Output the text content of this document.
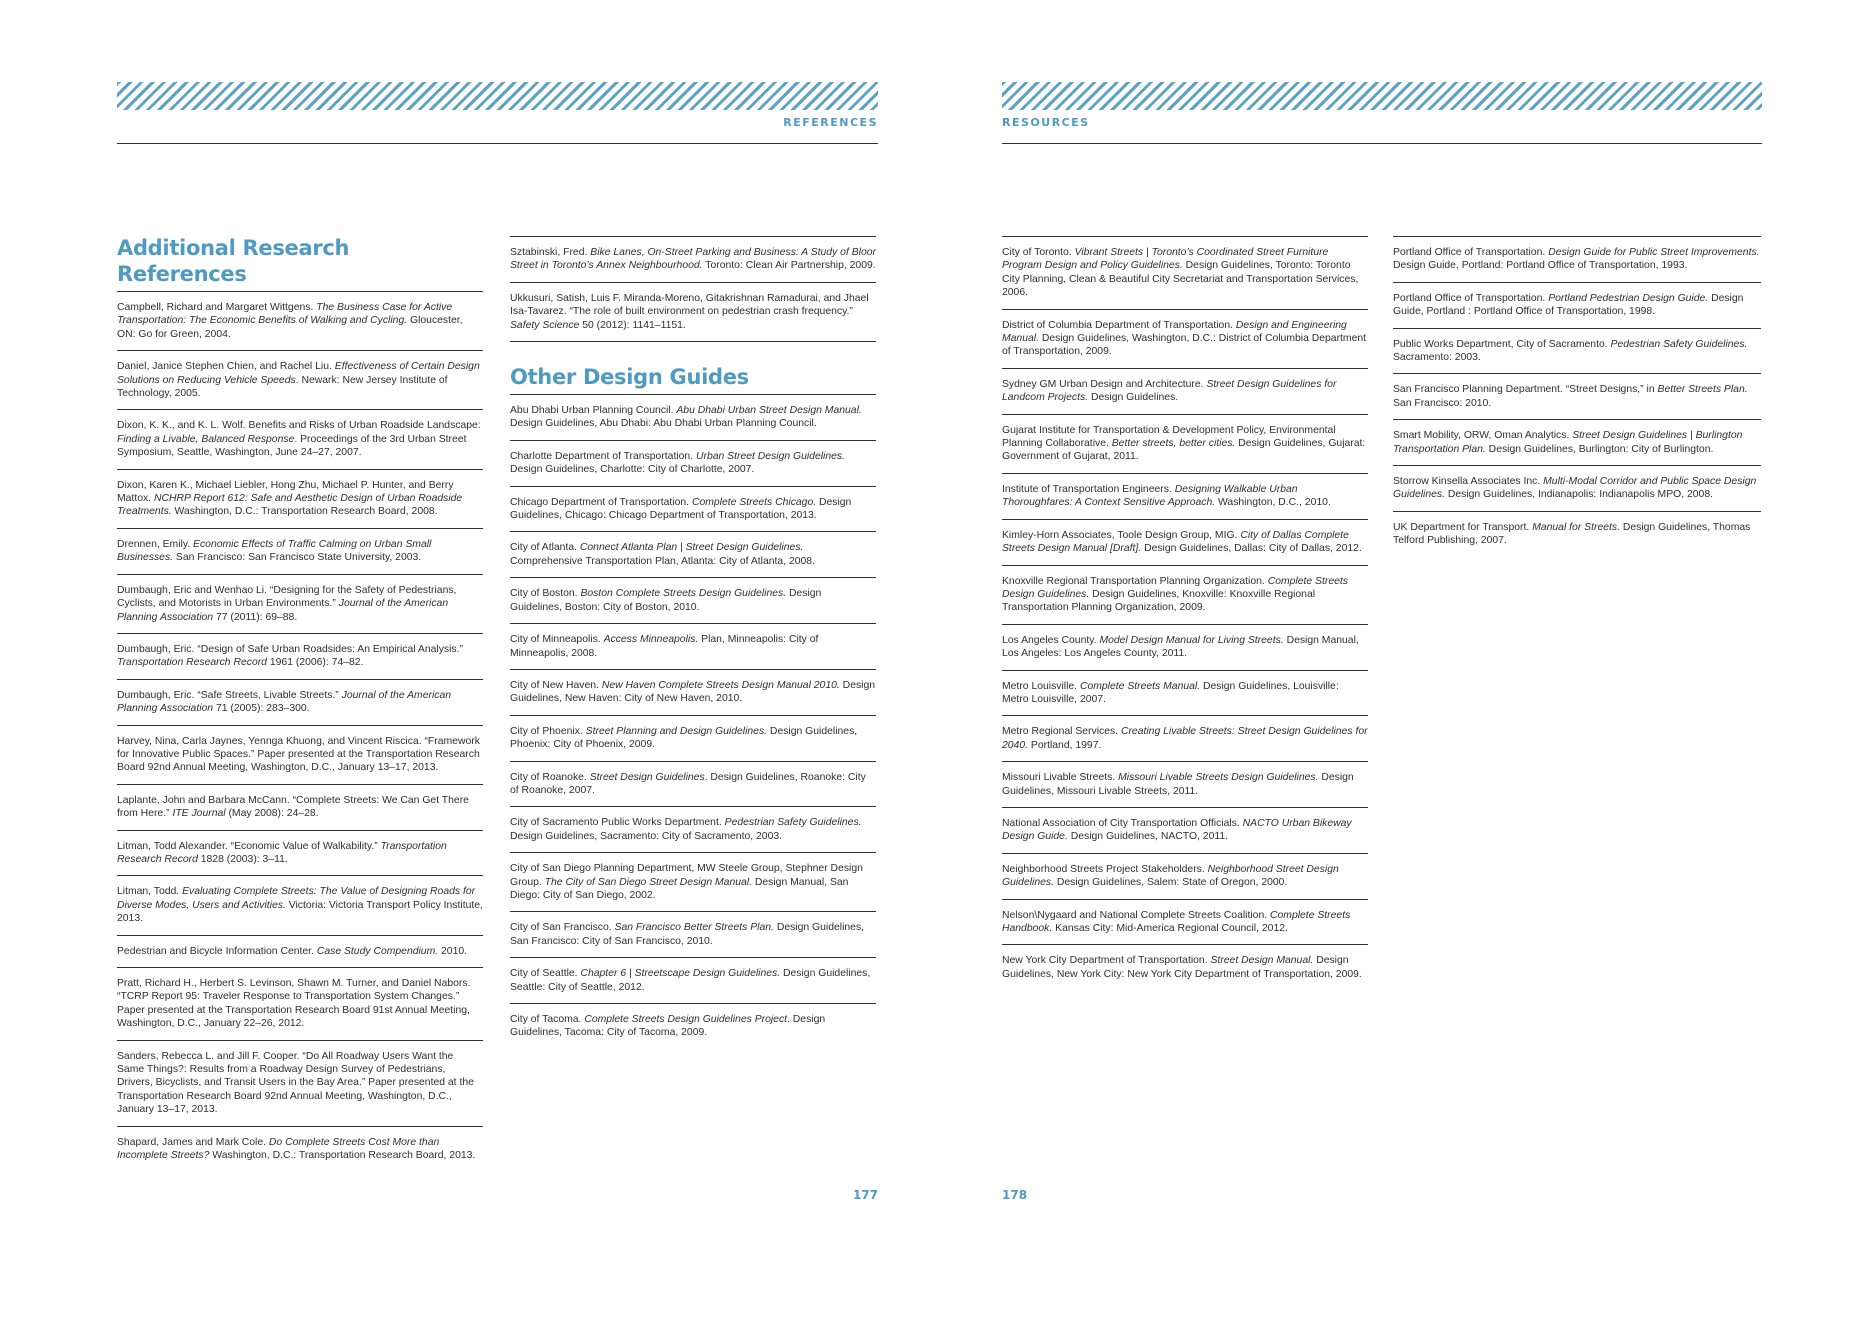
REFERENCES
Additional Research References
Campbell, Richard and Margaret Wittgens. The Business Case for Active Transportation: The Economic Benefits of Walking and Cycling. Gloucester, ON: Go for Green, 2004.
Daniel, Janice Stephen Chien, and Rachel Liu. Effectiveness of Certain Design Solutions on Reducing Vehicle Speeds. Newark: New Jersey Institute of Technology, 2005.
Dixon, K. K., and K. L. Wolf. Benefits and Risks of Urban Roadside Landscape: Finding a Livable, Balanced Response. Proceedings of the 3rd Urban Street Symposium, Seattle, Washington, June 24–27, 2007.
Dixon, Karen K., Michael Liebler, Hong Zhu, Michael P. Hunter, and Berry Mattox. NCHRP Report 612: Safe and Aesthetic Design of Urban Roadside Treatments. Washington, D.C.: Transportation Research Board, 2008.
Drennen, Emily. Economic Effects of Traffic Calming on Urban Small Businesses. San Francisco: San Francisco State University, 2003.
Dumbaugh, Eric and Wenhao Li. “Designing for the Safety of Pedestrians, Cyclists, and Motorists in Urban Environments.” Journal of the American Planning Association 77 (2011): 69–88.
Dumbaugh, Eric. “Design of Safe Urban Roadsides: An Empirical Analysis.” Transportation Research Record 1961 (2006): 74–82.
Dumbaugh, Eric. “Safe Streets, Livable Streets.” Journal of the American Planning Association 71 (2005): 283–300.
Harvey, Nina, Carla Jaynes, Yennga Khuong, and Vincent Riscica. “Framework for Innovative Public Spaces.” Paper presented at the Transportation Research Board 92nd Annual Meeting, Washington, D.C., January 13–17, 2013.
Laplante, John and Barbara McCann. “Complete Streets: We Can Get There from Here.” ITE Journal (May 2008): 24–28.
Litman, Todd Alexander. “Economic Value of Walkability.” Transportation Research Record 1828 (2003): 3–11.
Litman, Todd. Evaluating Complete Streets: The Value of Designing Roads for Diverse Modes, Users and Activities. Victoria: Victoria Transport Policy Institute, 2013.
Pedestrian and Bicycle Information Center. Case Study Compendium. 2010.
Pratt, Richard H., Herbert S. Levinson, Shawn M. Turner, and Daniel Nabors. “TCRP Report 95: Traveler Response to Transportation System Changes.” Paper presented at the Transportation Research Board 91st Annual Meeting, Washington, D.C., January 22–26, 2012.
Sanders, Rebecca L. and Jill F. Cooper. “Do All Roadway Users Want the Same Things?: Results from a Roadway Design Survey of Pedestrians, Drivers, Bicyclists, and Transit Users in the Bay Area.” Paper presented at the Transportation Research Board 92nd Annual Meeting, Washington, D.C., January 13–17, 2013.
Shapard, James and Mark Cole. Do Complete Streets Cost More than Incomplete Streets? Washington, D.C.: Transportation Research Board, 2013.
Sztabinski, Fred. Bike Lanes, On-Street Parking and Business: A Study of Bloor Street in Toronto’s Annex Neighbourhood. Toronto: Clean Air Partnership, 2009.
Ukkusuri, Satish, Luis F. Miranda-Moreno, Gitakrishnan Ramadurai, and Jhael Isa-Tavarez. “The role of built environment on pedestrian crash frequency.” Safety Science 50 (2012): 1141–1151.
Other Design Guides
Abu Dhabi Urban Planning Council. Abu Dhabi Urban Street Design Manual. Design Guidelines, Abu Dhabi: Abu Dhabi Urban Planning Council.
Charlotte Department of Transportation. Urban Street Design Guidelines. Design Guidelines, Charlotte: City of Charlotte, 2007.
Chicago Department of Transportation. Complete Streets Chicago. Design Guidelines, Chicago: Chicago Department of Transportation, 2013.
City of Atlanta. Connect Atlanta Plan | Street Design Guidelines. Comprehensive Transportation Plan, Atlanta: City of Atlanta, 2008.
City of Boston. Boston Complete Streets Design Guidelines. Design Guidelines, Boston: City of Boston, 2010.
City of Minneapolis. Access Minneapolis. Plan, Minneapolis: City of Minneapolis, 2008.
City of New Haven. New Haven Complete Streets Design Manual 2010. Design Guidelines, New Haven: City of New Haven, 2010.
City of Phoenix. Street Planning and Design Guidelines. Design Guidelines, Phoenix: City of Phoenix, 2009.
City of Roanoke. Street Design Guidelines. Design Guidelines, Roanoke: City of Roanoke, 2007.
City of Sacramento Public Works Department. Pedestrian Safety Guidelines. Design Guidelines, Sacramento: City of Sacramento, 2003.
City of San Diego Planning Department, MW Steele Group, Stephner Design Group. The City of San Diego Street Design Manual. Design Manual, San Diego: City of San Diego, 2002.
City of San Francisco. San Francisco Better Streets Plan. Design Guidelines, San Francisco: City of San Francisco, 2010.
City of Seattle. Chapter 6 | Streetscape Design Guidelines. Design Guidelines, Seattle: City of Seattle, 2012.
City of Tacoma. Complete Streets Design Guidelines Project. Design Guidelines, Tacoma: City of Tacoma, 2009.
177
RESOURCES
City of Toronto. Vibrant Streets | Toronto’s Coordinated Street Furniture Program Design and Policy Guidelines. Design Guidelines, Toronto: Toronto City Planning, Clean & Beautiful City Secretariat and Transportation Services, 2006.
District of Columbia Department of Transportation. Design and Engineering Manual. Design Guidelines, Washington, D.C.: District of Columbia Department of Transportation, 2009.
Sydney GM Urban Design and Architecture. Street Design Guidelines for Landcom Projects. Design Guidelines.
Gujarat Institute for Transportation & Development Policy, Environmental Planning Collaborative. Better streets, better cities. Design Guidelines, Gujarat: Government of Gujarat, 2011.
Institute of Transportation Engineers. Designing Walkable Urban Thoroughfares: A Context Sensitive Approach. Washington, D.C., 2010.
Kimley-Horn Associates, Toole Design Group, MIG. City of Dallas Complete Streets Design Manual [Draft]. Design Guidelines, Dallas: City of Dallas, 2012.
Knoxville Regional Transportation Planning Organization. Complete Streets Design Guidelines. Design Guidelines, Knoxville: Knoxville Regional Transportation Planning Organization, 2009.
Los Angeles County. Model Design Manual for Living Streets. Design Manual, Los Angeles: Los Angeles County, 2011.
Metro Louisville. Complete Streets Manual. Design Guidelines, Louisville: Metro Louisville, 2007.
Metro Regional Services. Creating Livable Streets: Street Design Guidelines for 2040. Portland, 1997.
Missouri Livable Streets. Missouri Livable Streets Design Guidelines. Design Guidelines, Missouri Livable Streets, 2011.
National Association of City Transportation Officials. NACTO Urban Bikeway Design Guide. Design Guidelines, NACTO, 2011.
Neighborhood Streets Project Stakeholders. Neighborhood Street Design Guidelines. Design Guidelines, Salem: State of Oregon, 2000.
Nelson\Nygaard and National Complete Streets Coalition. Complete Streets Handbook. Kansas City: Mid-America Regional Council, 2012.
New York City Department of Transportation. Street Design Manual. Design Guidelines, New York City: New York City Department of Transportation, 2009.
Portland Office of Transportation. Design Guide for Public Street Improvements. Design Guide, Portland: Portland Office of Transportation, 1993.
Portland Office of Transportation. Portland Pedestrian Design Guide. Design Guide, Portland : Portland Office of Transportation, 1998.
Public Works Department, City of Sacramento. Pedestrian Safety Guidelines. Sacramento: 2003.
San Francisco Planning Department. “Street Designs,” in Better Streets Plan. San Francisco: 2010.
Smart Mobility, ORW, Oman Analytics. Street Design Guidelines | Burlington Transportation Plan. Design Guidelines, Burlington: City of Burlington.
Storrow Kinsella Associates Inc. Multi-Modal Corridor and Public Space Design Guidelines. Design Guidelines, Indianapolis: Indianapolis MPO, 2008.
UK Department for Transport. Manual for Streets. Design Guidelines, Thomas Telford Publishing, 2007.
178
